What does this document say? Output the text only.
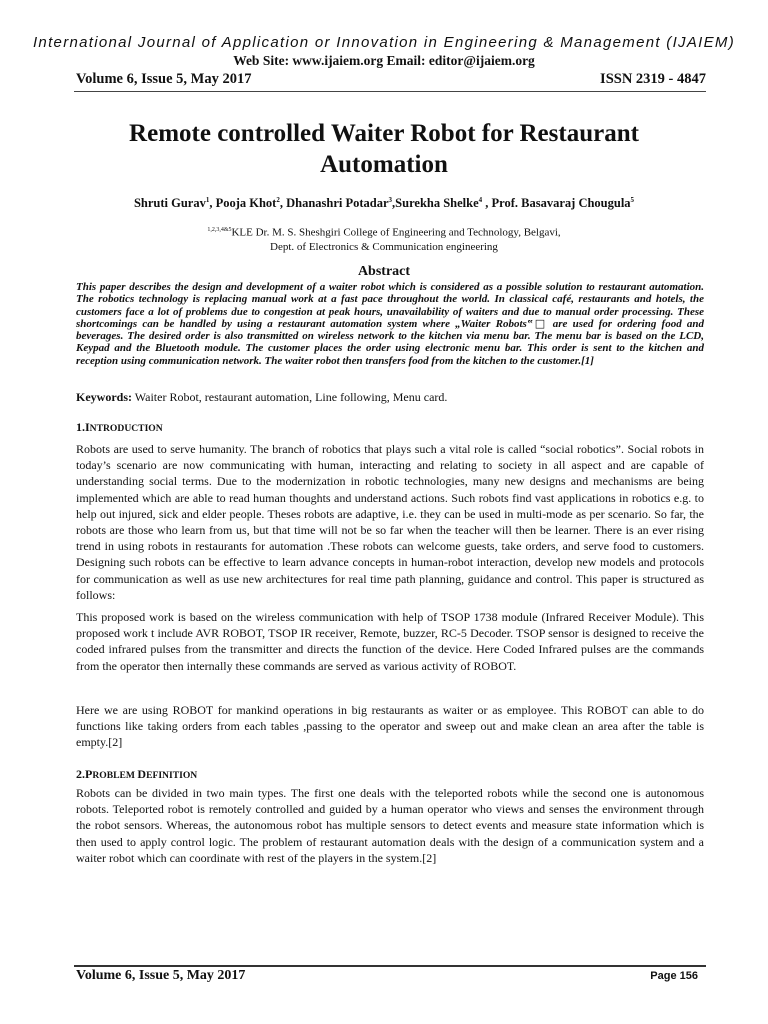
International Journal of Application or Innovation in Engineering & Management (IJAIEM)
Web Site: www.ijaiem.org Email: editor@ijaiem.org
Volume 6, Issue 5, May 2017	ISSN 2319 - 4847
Remote controlled Waiter Robot for Restaurant Automation
Shruti Gurav$^1$, Pooja Khot$^2$, Dhanashri Potadar$^3$,Surekha Shelke$^4$ , Prof. Basavaraj Chougula$^5$
$^{1,2,3,4\&5}$KLE Dr. M. S. Sheshgiri College of Engineering and Technology, Belgavi,
Dept. of Electronics & Communication engineering
Abstract
This paper describes the design and development of a waiter robot which is considered as a possible solution to restaurant automation. The robotics technology is replacing manual work at a fast pace throughout the world. In classical café, restaurants and hotels, the customers face a lot of problems due to congestion at peak hours, unavailability of waiters and due to manual order processing. These shortcomings can be handled by using a restaurant automation system where „Waiter Robots‟□ are used for ordering food and beverages. The desired order is also transmitted on wireless network to the kitchen via menu bar. The menu bar is based on the LCD, Keypad and the Bluetooth module. The customer places the order using electronic menu bar. This order is sent to the kitchen and reception using communication network. The waiter robot then transfers food from the kitchen to the customer.[1]
Keywords: Waiter Robot, restaurant automation, Line following, Menu card.
1.INTRODUCTION
Robots are used to serve humanity. The branch of robotics that plays such a vital role is called “social robotics”. Social robots in today’s scenario are now communicating with human, interacting and relating to society in all aspect and are capable of understanding social terms. Due to the modernization in robotic technologies, many new designs and mechanisms are being implemented which are able to read human thoughts and understand actions. Such robots find vast applications in robotics e.g. to help out injured, sick and elder people. Theses robots are adaptive, i.e. they can be used in multi-mode as per scenario. So far, the robots are those who learn from us, but that time will not be so far when the teacher will then be learner. There is an ever rising trend in using robots in restaurants for automation .These robots can welcome guests, take orders, and serve food to customers. Designing such robots can be effective to learn advance concepts in human-robot interaction, develop new models and protocols for communication as well as use new architectures for real time path planning, guidance and control. This paper is structured as follows:
This proposed work is based on the wireless communication with help of TSOP 1738 module (Infrared Receiver Module). This proposed work t include AVR ROBOT, TSOP IR receiver, Remote, buzzer, RC-5 Decoder. TSOP sensor is designed to receive the coded infrared pulses from the transmitter and directs the function of the device. Here Coded Infrared pulses are the commands from the operator then internally these commands are served as various activity of ROBOT.
Here we are using ROBOT for mankind operations in big restaurants as waiter or as employee. This ROBOT can able to do functions like taking orders from each tables ,passing to the operator and sweep out and make clean an area after the table is empty.[2]
2.PROBLEM DEFINITION
Robots can be divided in two main types. The first one deals with the teleported robots while the second one is autonomous robots. Teleported robot is remotely controlled and guided by a human operator who views and senses the environment through the robot sensors. Whereas, the autonomous robot has multiple sensors to detect events and measure state information which is then used to apply control logic. The problem of restaurant automation deals with the design of a communication system and a waiter robot which can coordinate with rest of the players in the system.[2]
Volume 6, Issue 5, May 2017	Page 156
